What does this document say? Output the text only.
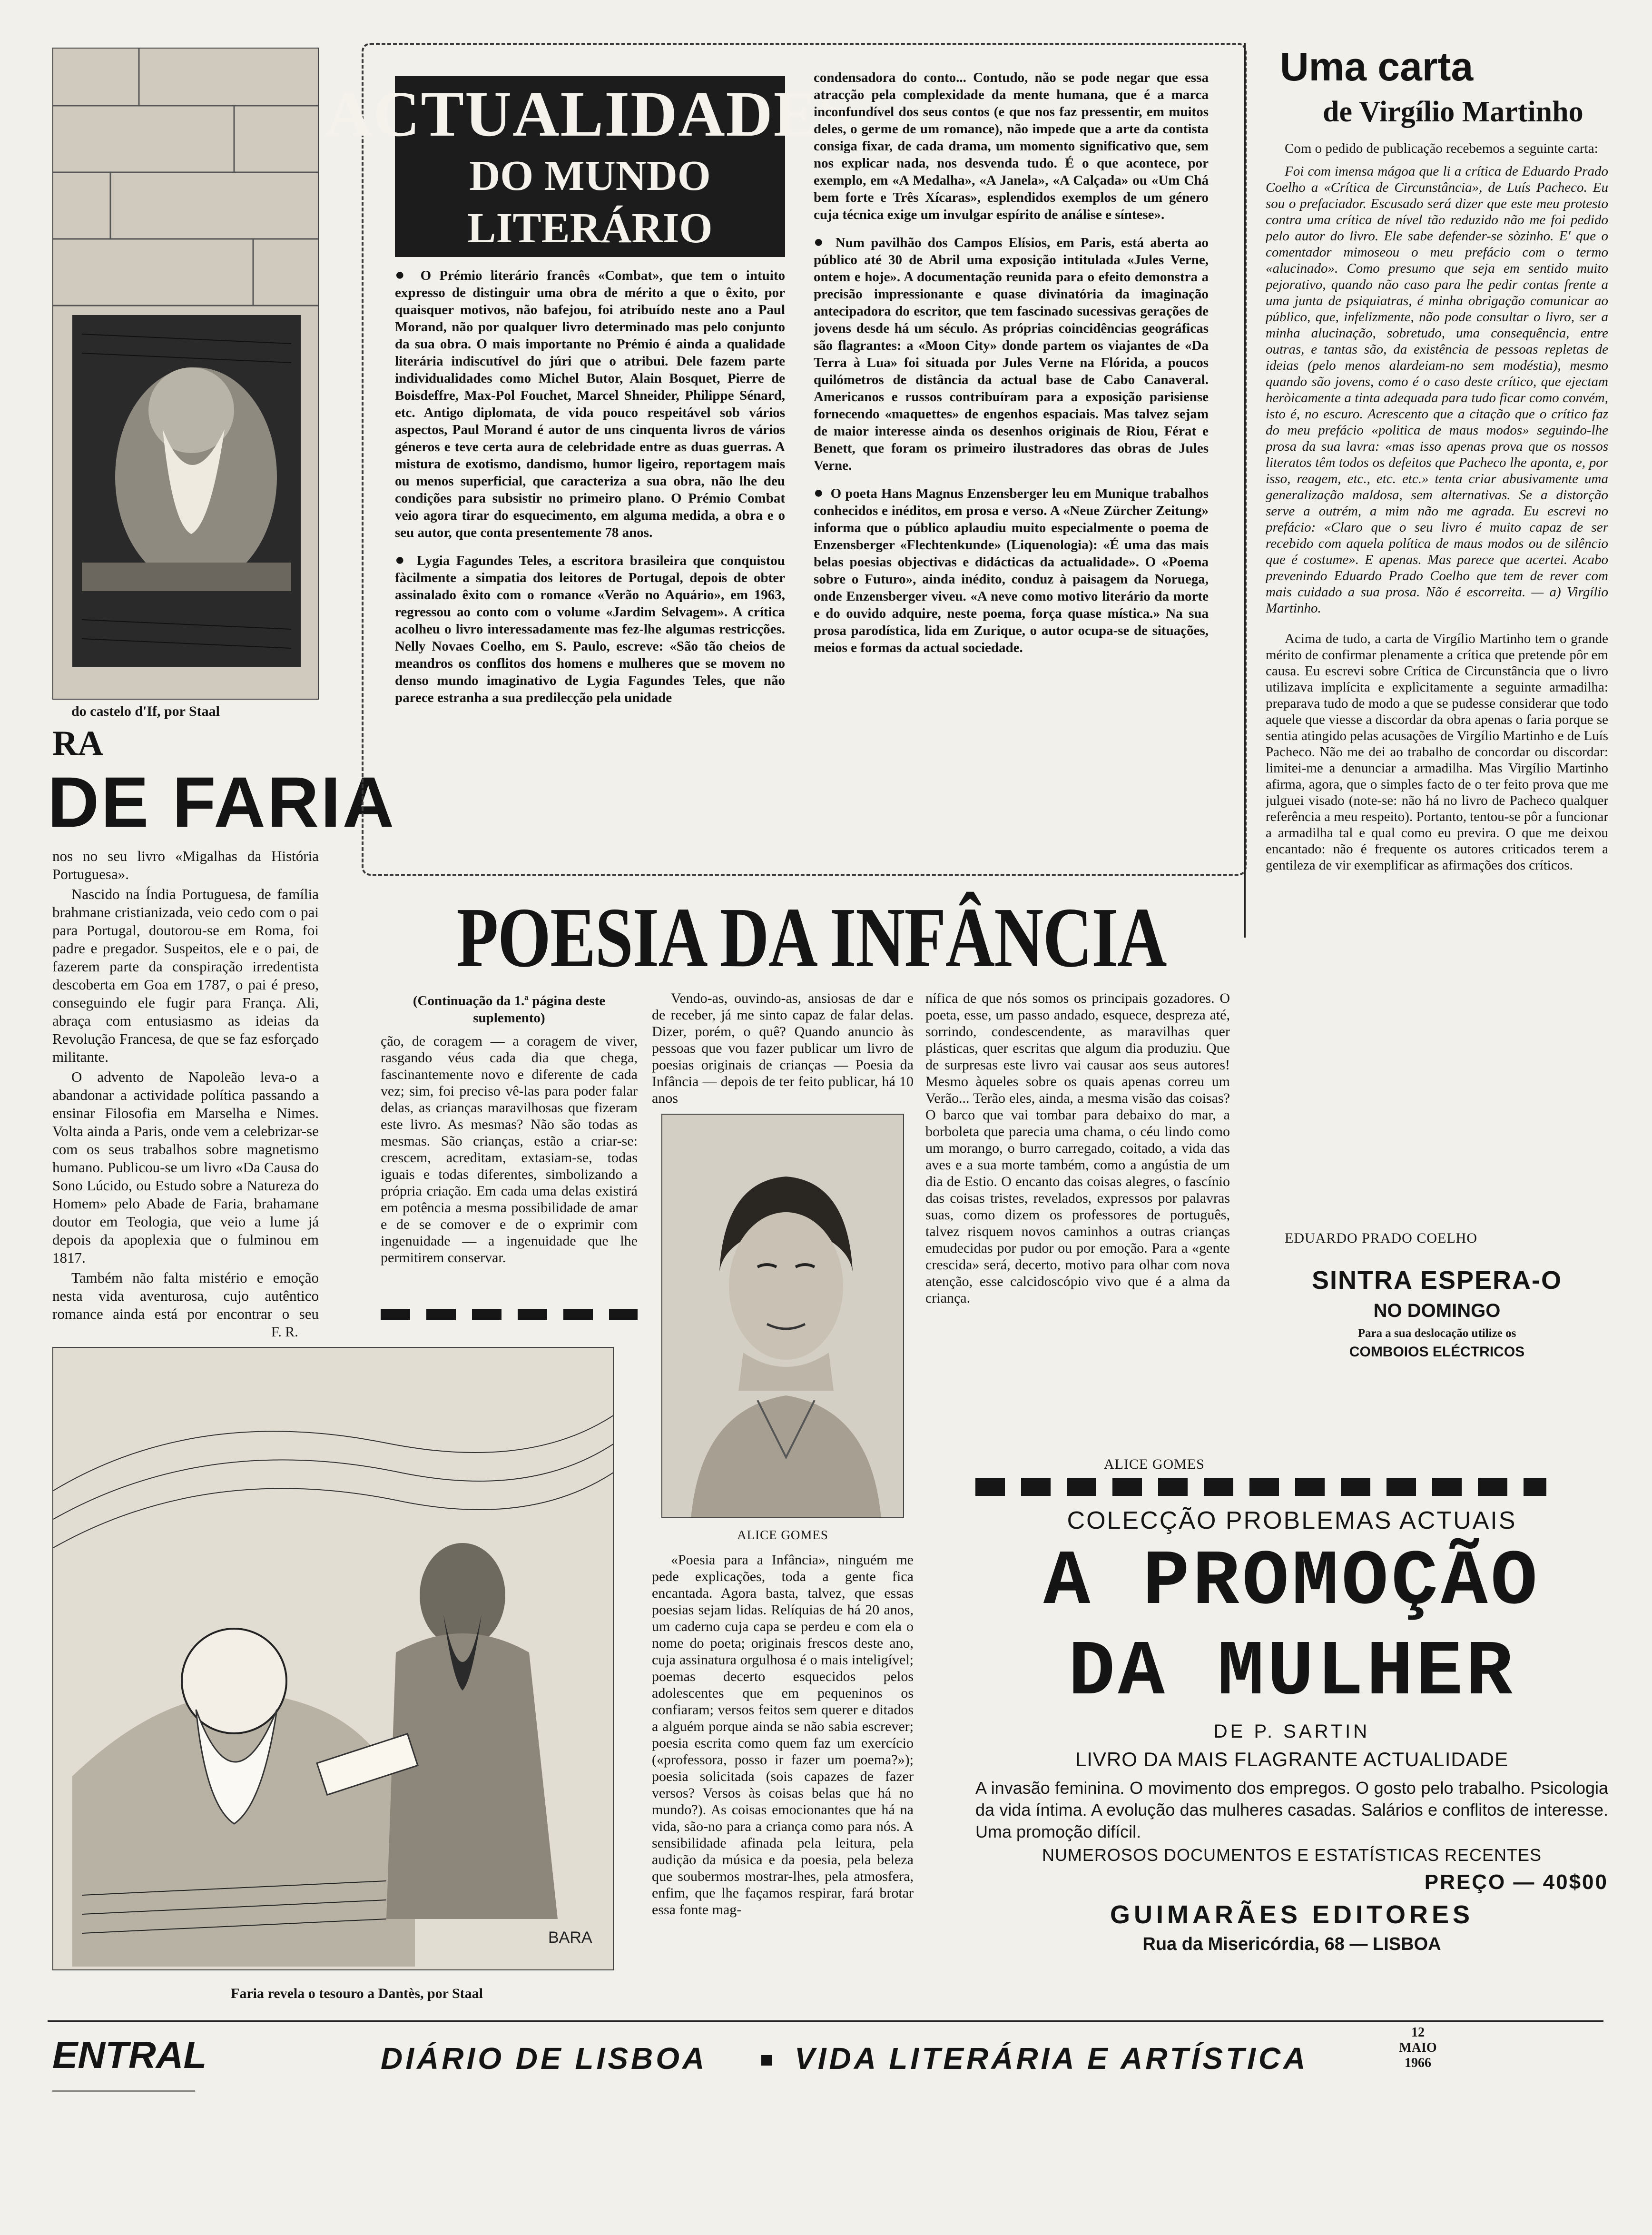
do castelo d'If, por Staal
RA
DE FARIA

nos no seu livro «Migalhas da História Portuguesa».

Nascido na Índia Portuguesa, de família brahmane cristianizada, veio cedo com o pai para Portugal, doutorou-se em Roma, foi padre e pregador. Suspeitos, ele e o pai, de fazerem parte da conspiração irredentista descoberta em Goa em 1787, o pai é preso, conseguindo ele fugir para França. Ali, abraça com entusiasmo as ideias da Revolução Francesa, de que se faz esforçado militante.

O advento de Napoleão leva-o a abandonar a actividade política passando a ensinar Filosofia em Marselha e Nimes. Volta ainda a Paris, onde vem a celebrizar-se com os seus trabalhos sobre magnetismo humano. Publicou-se um livro «Da Causa do Sono Lúcido, ou Estudo sobre a Natureza do Homem» pelo Abade de Faria, brahamane doutor em Teologia, que veio a lume já depois da apoplexia que o fulminou em 1817.

Também não falta mistério e emoção nesta vida aventurosa, cujo autêntico romance ainda está por encontrar o seu

F. R.
BARA
Faria revela o tesouro a Dantès, por Staal
ACTUALIDADES
DO MUNDO LITERÁRIO

● O Prémio literário francês «Combat», que tem o intuito expresso de distinguir uma obra de mérito a que o êxito, por quaisquer motivos, não bafejou, foi atribuído neste ano a Paul Morand, não por qualquer livro determinado mas pelo conjunto da sua obra. O mais importante no Prémio é ainda a qualidade literária indiscutível do júri que o atribui. Dele fazem parte individualidades como Michel Butor, Alain Bosquet, Pierre de Boisdeffre, Max-Pol Fouchet, Marcel Shneider, Philippe Sénard, etc. Antigo diplomata, de vida pouco respeitável sob vários aspectos, Paul Morand é autor de uns cinquenta livros de vários géneros e teve certa aura de celebridade entre as duas guerras. A mistura de exotismo, dandismo, humor ligeiro, reportagem mais ou menos superficial, que caracteriza a sua obra, não lhe deu condições para subsistir no primeiro plano. O Prémio Combat veio agora tirar do esquecimento, em alguma medida, a obra e o seu autor, que conta presentemente 78 anos.

● Lygia Fagundes Teles, a escritora brasileira que conquistou fàcilmente a simpatia dos leitores de Portugal, depois de obter assinalado êxito com o romance «Verão no Aquário», em 1963, regressou ao conto com o volume «Jardim Selvagem». A crítica acolheu o livro interessadamente mas fez-lhe algumas restricções. Nelly Novaes Coelho, em S. Paulo, escreve: «São tão cheios de meandros os conflitos dos homens e mulheres que se movem no denso mundo imaginativo de Lygia Fagundes Teles, que não parece estranha a sua predilecção pela unidade

condensadora do conto... Contudo, não se pode negar que essa atracção pela complexidade da mente humana, que é a marca inconfundível dos seus contos (e que nos faz pressentir, em muitos deles, o germe de um romance), não impede que a arte da contista consiga fixar, de cada drama, um momento significativo que, sem nos explicar nada, nos desvenda tudo. É o que acontece, por exemplo, em «A Medalha», «A Janela», «A Calçada» ou «Um Chá bem forte e Três Xícaras», esplendidos exemplos de um género cuja técnica exige um invulgar espírito de análise e síntese».

● Num pavilhão dos Campos Elísios, em Paris, está aberta ao público até 30 de Abril uma exposição intitulada «Jules Verne, ontem e hoje». A documentação reunida para o efeito demonstra a precisão impressionante e quase divinatória da imaginação antecipadora do escritor, que tem fascinado sucessivas gerações de jovens desde há um século. As próprias coincidências geográficas são flagrantes: a «Moon City» donde partem os viajantes de «Da Terra à Lua» foi situada por Jules Verne na Flórida, a poucos quilómetros de distância da actual base de Cabo Canaveral. Americanos e russos contribuíram para a exposição parisiense fornecendo «maquettes» de engenhos espaciais. Mas talvez sejam de maior interesse ainda os desenhos originais de Riou, Férat e Benett, que foram os primeiro ilustradores das obras de Jules Verne.

● O poeta Hans Magnus Enzensberger leu em Munique trabalhos conhecidos e inéditos, em prosa e verso. A «Neue Zürcher Zeitung» informa que o público aplaudiu muito especialmente o poema de Enzensberger «Flechtenkunde» (Liquenologia): «É uma das mais belas poesias objectivas e didácticas da actualidade». O «Poema sobre o Futuro», ainda inédito, conduz à paisagem da Noruega, onde Enzensberger viveu. «A neve como motivo literário da morte e do ouvido adquire, neste poema, força quase mística.» Na sua prosa parodística, lida em Zurique, o autor ocupa-se de situações, meios e formas da actual sociedade.

Uma carta
de Virgílio Martinho

Com o pedido de publicação recebemos a seguinte carta:

Foi com imensa mágoa que li a crítica de Eduardo Prado Coelho a «Crítica de Circunstância», de Luís Pacheco. Eu sou o prefaciador. Escusado será dizer que este meu protesto contra uma crítica de nível tão reduzido não me foi pedido pelo autor do livro. Ele sabe defender-se sòzinho. E' que o comentador mimoseou o meu prefácio com o termo «alucinado». Como presumo que seja em sentido muito pejorativo, quando não caso para lhe pedir contas frente a uma junta de psiquiatras, é minha obrigação comunicar ao público, que, infelizmente, não pode consultar o livro, ser a minha alucinação, sobretudo, uma consequência, entre outras, e tantas são, da existência de pessoas repletas de ideias (pelo menos alardeiam-no sem modéstia), mesmo quando são jovens, como é o caso deste crítico, que ejectam heròicamente a tinta adequada para tudo ficar como convém, isto é, no escuro. Acrescento que a citação que o crítico faz do meu prefácio «politica de maus modos» seguindo-lhe prosa da sua lavra: «mas isso apenas prova que os nossos literatos têm todos os defeitos que Pacheco lhe aponta, e, por isso, reagem, etc., etc. etc.» tenta criar abusivamente uma generalização maldosa, sem alternativas. Se a distorção serve a outrém, a mim não me agrada. Eu escrevi no prefácio: «Claro que o seu livro é muito capaz de ser recebido com aquela política de maus modos ou de silêncio que é costume». E apenas. Mas parece que acertei. Acabo prevenindo Eduardo Prado Coelho que tem de rever com mais cuidado a sua prosa. Não é escorreita. — a) Virgílio Martinho.

Acima de tudo, a carta de Virgílio Martinho tem o grande mérito de confirmar plenamente a crítica que pretende pôr em causa. Eu escrevi sobre Crítica de Circunstância que o livro utilizava implícita e explìcitamente a seguinte armadilha: preparava tudo de modo a que se pudesse considerar que todo aquele que viesse a discordar da obra apenas o faria porque se sentia atingido pelas acusações de Virgílio Martinho e de Luís Pacheco. Não me dei ao trabalho de concordar ou discordar: limitei-me a denunciar a armadilha. Mas Virgílio Martinho afirma, agora, que o simples facto de o ter feito prova que me julguei visado (note-se: não há no livro de Pacheco qualquer referência a meu respeito). Portanto, tentou-se pôr a funcionar a armadilha tal e qual como eu previra. O que me deixou encantado: não é frequente os autores criticados terem a gentileza de vir exemplificar as afirmações dos críticos.

EDUARDO PRADO COELHO
SINTRA ESPERA-O
NO DOMINGO
Para a sua deslocação utilize os
COMBOIOS ELÉCTRICOS
POESIA DA INFÂNCIA
(Continuação da 1.ª página deste suplemento)

ção, de coragem — a coragem de viver, rasgando véus cada dia que chega, fascinantemente novo e diferente de cada vez; sim, foi preciso vê-las para poder falar delas, as crianças maravilhosas que fizeram este livro. As mesmas? Não são todas as mesmas. São crianças, estão a criar-se: crescem, acreditam, extasiam-se, todas iguais e todas diferentes, simbolizando a própria criação. Em cada uma delas existirá em potência a mesma possibilidade de amar e de se comover e de o exprimir com ingenuidade — a ingenuidade que lhe permitirem conservar.

Vendo-as, ouvindo-as, ansiosas de dar e de receber, já me sinto capaz de falar delas. Dizer, porém, o quê? Quando anuncio às pessoas que vou fazer publicar um livro de poesias originais de crianças — Poesia da Infância — depois de ter feito publicar, há 10 anos

ALICE GOMES

«Poesia para a Infância», ninguém me pede explicações, toda a gente fica encantada. Agora basta, talvez, que essas poesias sejam lidas. Relíquias de há 20 anos, um caderno cuja capa se perdeu e com ela o nome do poeta; originais frescos deste ano, cuja assinatura orgulhosa é o mais inteligível; poemas decerto esquecidos pelos adolescentes que em pequeninos os confiaram; versos feitos sem querer e ditados a alguém porque ainda se não sabia escrever; poesia escrita como quem faz um exercício («professora, posso ir fazer um poema?»); poesia solicitada (sois capazes de fazer versos? Versos às coisas belas que há no mundo?). As coisas emocionantes que há na vida, são-no para a criança como para nós. A sensibilidade afinada pela leitura, pela audição da música e da poesia, pela beleza que soubermos mostrar-lhes, pela atmosfera, enfim, que lhe façamos respirar, fará brotar essa fonte mag-

nífica de que nós somos os principais gozadores. O poeta, esse, um passo andado, esquece, despreza até, sorrindo, condescendente, as maravilhas quer plásticas, quer escritas que algum dia produziu. Que de surpresas este livro vai causar aos seus autores! Mesmo àqueles sobre os quais apenas correu um Verão... Terão eles, ainda, a mesma visão das coisas? O barco que vai tombar para debaixo do mar, a borboleta que parecia uma chama, o céu lindo como um morango, o burro carregado, coitado, a vida das aves e a sua morte também, como a angústia de um dia de Estio. O encanto das coisas alegres, o fascínio das coisas tristes, revelados, expressos por palavras suas, como dizem os professores de português, talvez risquem novos caminhos a outras crianças emudecidas por pudor ou por emoção. Para a «gente crescida» será, decerto, motivo para olhar com nova atenção, esse calcidoscópio vivo que é a alma da criança.

ALICE GOMES
COLECÇÃO PROBLEMAS ACTUAIS
A PROMOÇÃO
DA MULHER
DE P. SARTIN
LIVRO DA MAIS FLAGRANTE ACTUALIDADE
A invasão feminina. O movimento dos empregos. O gosto pelo trabalho. Psicologia da vida íntima. A evolução das mulheres casadas. Salários e conflitos de interesse. Uma promoção difícil.
NUMEROSOS DOCUMENTOS E ESTATÍSTICAS RECENTES
PREÇO — 40$00
GUIMARÃES EDITORES
Rua da Misericórdia, 68 — LISBOA
ENTRAL	DIÁRIO DE LISBOA	VIDA LITERÁRIA E ARTÍSTICA
12
MAIO
1966
